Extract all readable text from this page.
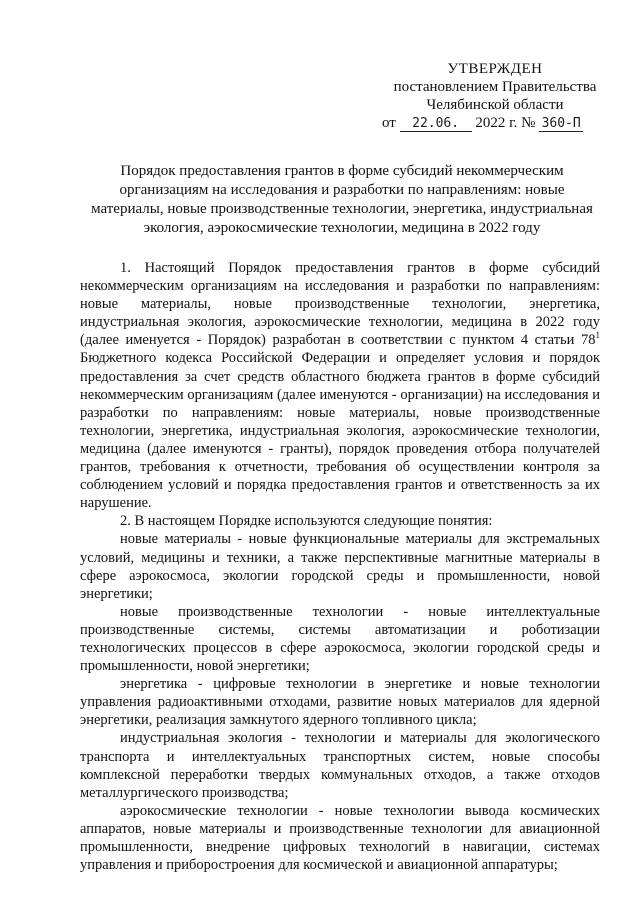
УТВЕРЖДЕН
постановлением Правительства
Челябинской области
от 22.06. 2022 г. № 360-П
Порядок предоставления грантов в форме субсидий некоммерческим
организациям на исследования и разработки по направлениям: новые
материалы, новые производственные технологии, энергетика, индустриальная
экология, аэрокосмические технологии, медицина в 2022 году

1. Настоящий Порядок предоставления грантов в форме субсидий некоммерческим организациям на исследования и разработки по направлениям: новые материалы, новые производственные технологии, энергетика, индустриальная экология, аэрокосмические технологии, медицина в 2022 году (далее именуется - Порядок) разработан в соответствии с пунктом 4 статьи $78^1$ Бюджетного кодекса Российской Федерации и определяет условия и порядок предоставления за счет средств областного бюджета грантов в форме субсидий некоммерческим организациям (далее именуются - организации) на исследования и разработки по направлениям: новые материалы, новые производственные технологии, энергетика, индустриальная экология, аэрокосмические технологии, медицина (далее именуются - гранты), порядок проведения отбора получателей грантов, требования к отчетности, требования об осуществлении контроля за соблюдением условий и порядка предоставления грантов и ответственность за их нарушение.

2. В настоящем Порядке используются следующие понятия:

новые материалы - новые функциональные материалы для экстремальных условий, медицины и техники, а также перспективные магнитные материалы в сфере аэрокосмоса, экологии городской среды и промышленности, новой энергетики;

новые производственные технологии - новые интеллектуальные производственные системы, системы автоматизации и роботизации технологических процессов в сфере аэрокосмоса, экологии городской среды и промышленности, новой энергетики;

энергетика - цифровые технологии в энергетике и новые технологии управления радиоактивными отходами, развитие новых материалов для ядерной энергетики, реализация замкнутого ядерного топливного цикла;

индустриальная экология - технологии и материалы для экологического транспорта и интеллектуальных транспортных систем, новые способы комплексной переработки твердых коммунальных отходов, а также отходов металлургического производства;

аэрокосмические технологии - новые технологии вывода космических аппаратов, новые материалы и производственные технологии для авиационной промышленности, внедрение цифровых технологий в навигации, системах управления и приборостроения для космической и авиационной аппаратуры;
